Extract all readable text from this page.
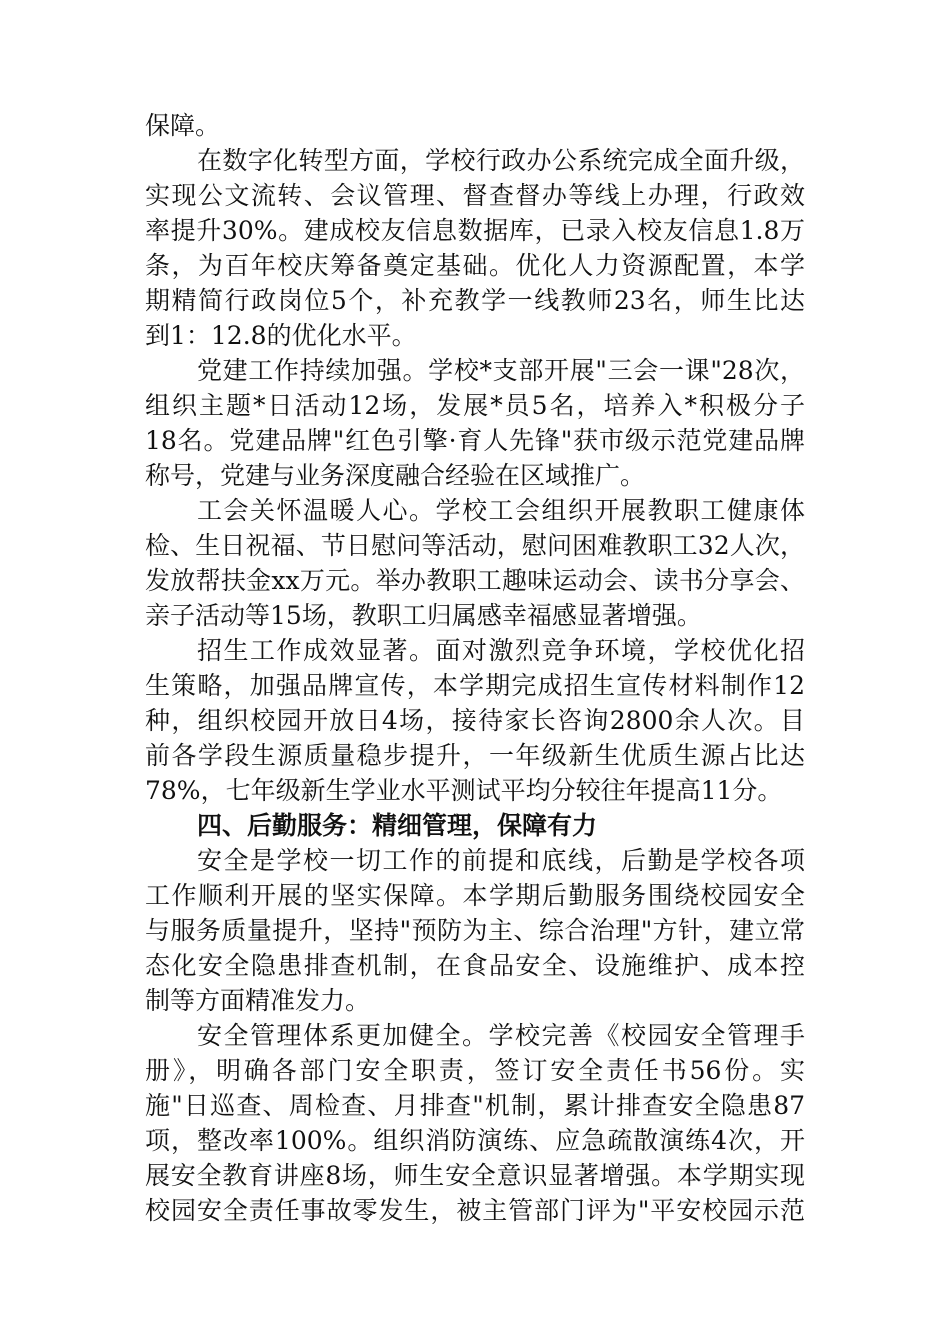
保障。
在数字化转型方面，学校行政办公系统完成全面升级，
实现公文流转、会议管理、督查督办等线上办理，行政效
率提升30%。建成校友信息数据库，已录入校友信息1.8万
条，为百年校庆筹备奠定基础。优化人力资源配置，本学
期精简行政岗位5个，补充教学一线教师23名，师生比达
到1：12.8的优化水平。
党建工作持续加强。学校*支部开展"三会一课"28次，
组织主题*日活动12场，发展*员5名，培养入*积极分子
18名。党建品牌"红色引擎·育人先锋"获市级示范党建品牌
称号，党建与业务深度融合经验在区域推广。
工会关怀温暖人心。学校工会组织开展教职工健康体
检、生日祝福、节日慰问等活动，慰问困难教职工32人次，
发放帮扶金xx万元。举办教职工趣味运动会、读书分享会、
亲子活动等15场，教职工归属感幸福感显著增强。
招生工作成效显著。面对激烈竞争环境，学校优化招
生策略，加强品牌宣传，本学期完成招生宣传材料制作12
种，组织校园开放日4场，接待家长咨询2800余人次。目
前各学段生源质量稳步提升，一年级新生优质生源占比达
78%，七年级新生学业水平测试平均分较往年提高11分。
四、后勤服务：精细管理，保障有力
安全是学校一切工作的前提和底线，后勤是学校各项
工作顺利开展的坚实保障。本学期后勤服务围绕校园安全
与服务质量提升，坚持"预防为主、综合治理"方针，建立常
态化安全隐患排查机制，在食品安全、设施维护、成本控
制等方面精准发力。
安全管理体系更加健全。学校完善《校园安全管理手
册》，明确各部门安全职责，签订安全责任书56份。实
施"日巡查、周检查、月排查"机制，累计排查安全隐患87
项，整改率100%。组织消防演练、应急疏散演练4次，开
展安全教育讲座8场，师生安全意识显著增强。本学期实现
校园安全责任事故零发生，被主管部门评为"平安校园示范
